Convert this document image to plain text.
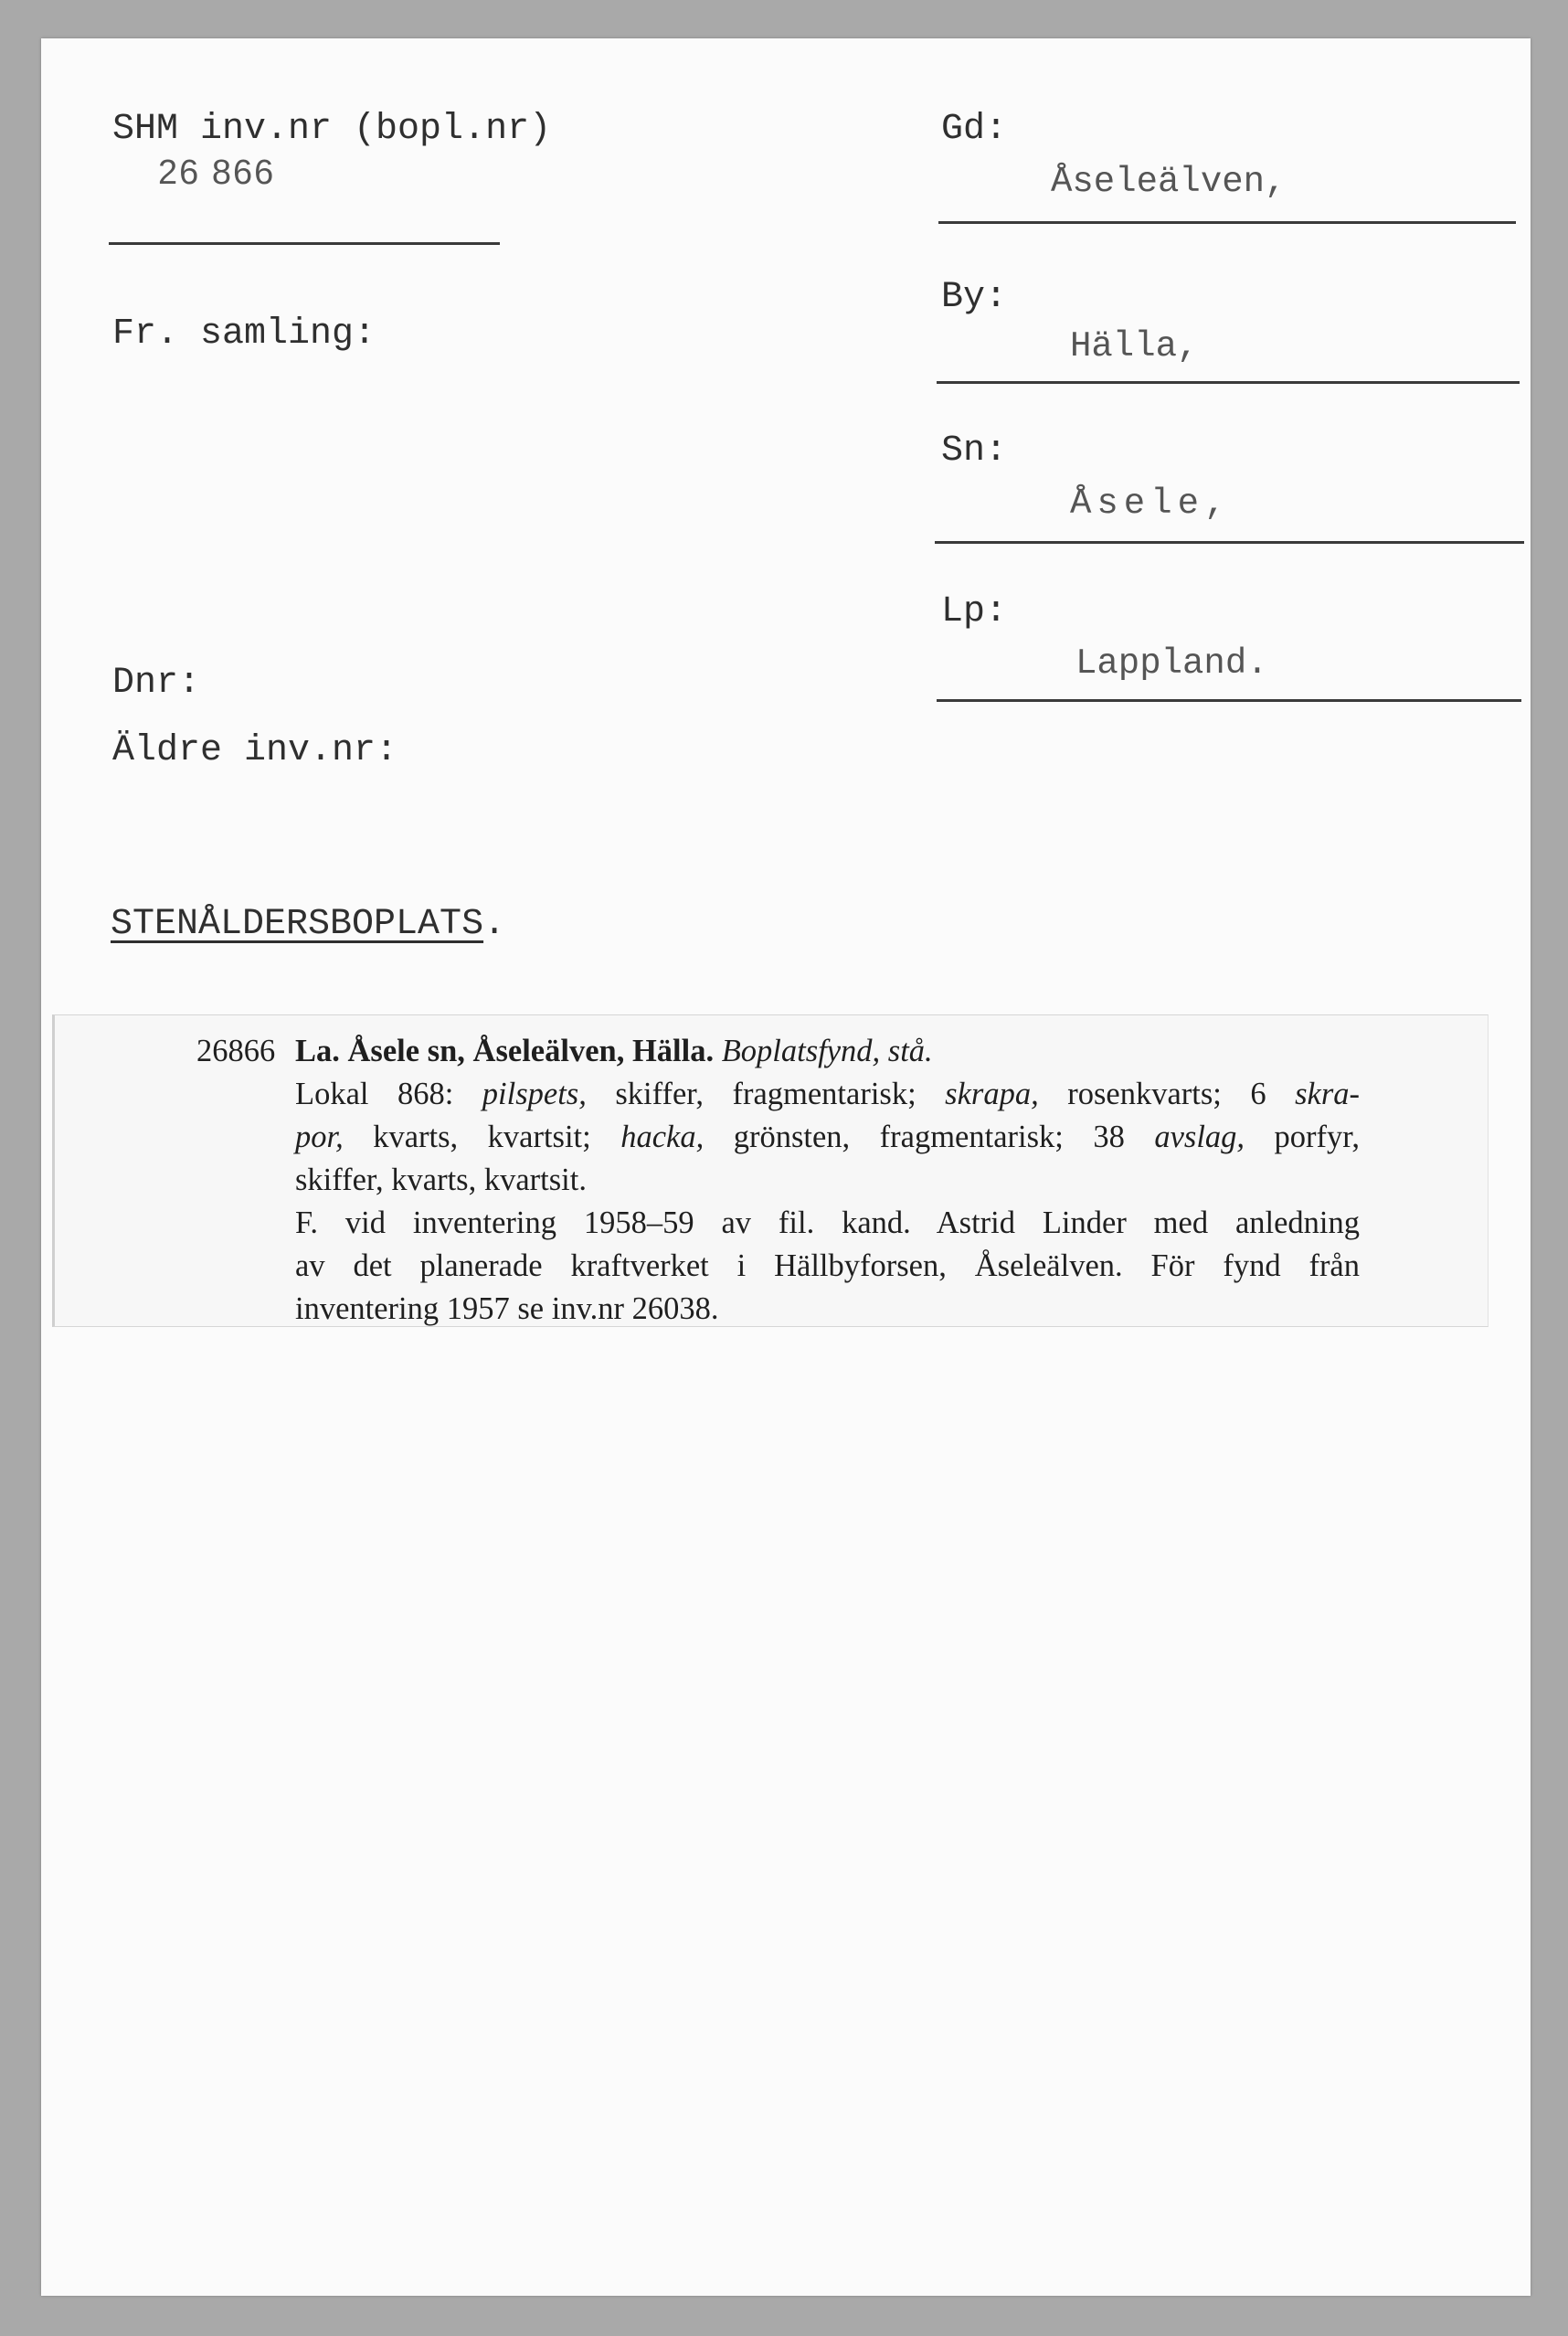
SHM inv.nr (bopl.nr)
26 866
Fr. samling:
Dnr:
Äldre inv.nr:
STENÅLDERSBOPLATS.
Gd:
Åseleälven,
By:
Hälla,
Sn:
Åsele,
Lp:
Lappland.
26866 La. Åsele sn, Åseleälven, Hälla. Boplatsfynd, stå.
Lokal 868: pilspets, skiffer, fragmentarisk; skrapa, rosenkvarts; 6 skra-
por, kvarts, kvartsit; hacka, grönsten, fragmentarisk; 38 avslag, porfyr,
skiffer, kvarts, kvartsit.
F. vid inventering 1958–59 av fil. kand. Astrid Linder med anledning
av det planerade kraftverket i Hällbyforsen, Åseleälven. För fynd från
inventering 1957 se inv.nr 26038.
